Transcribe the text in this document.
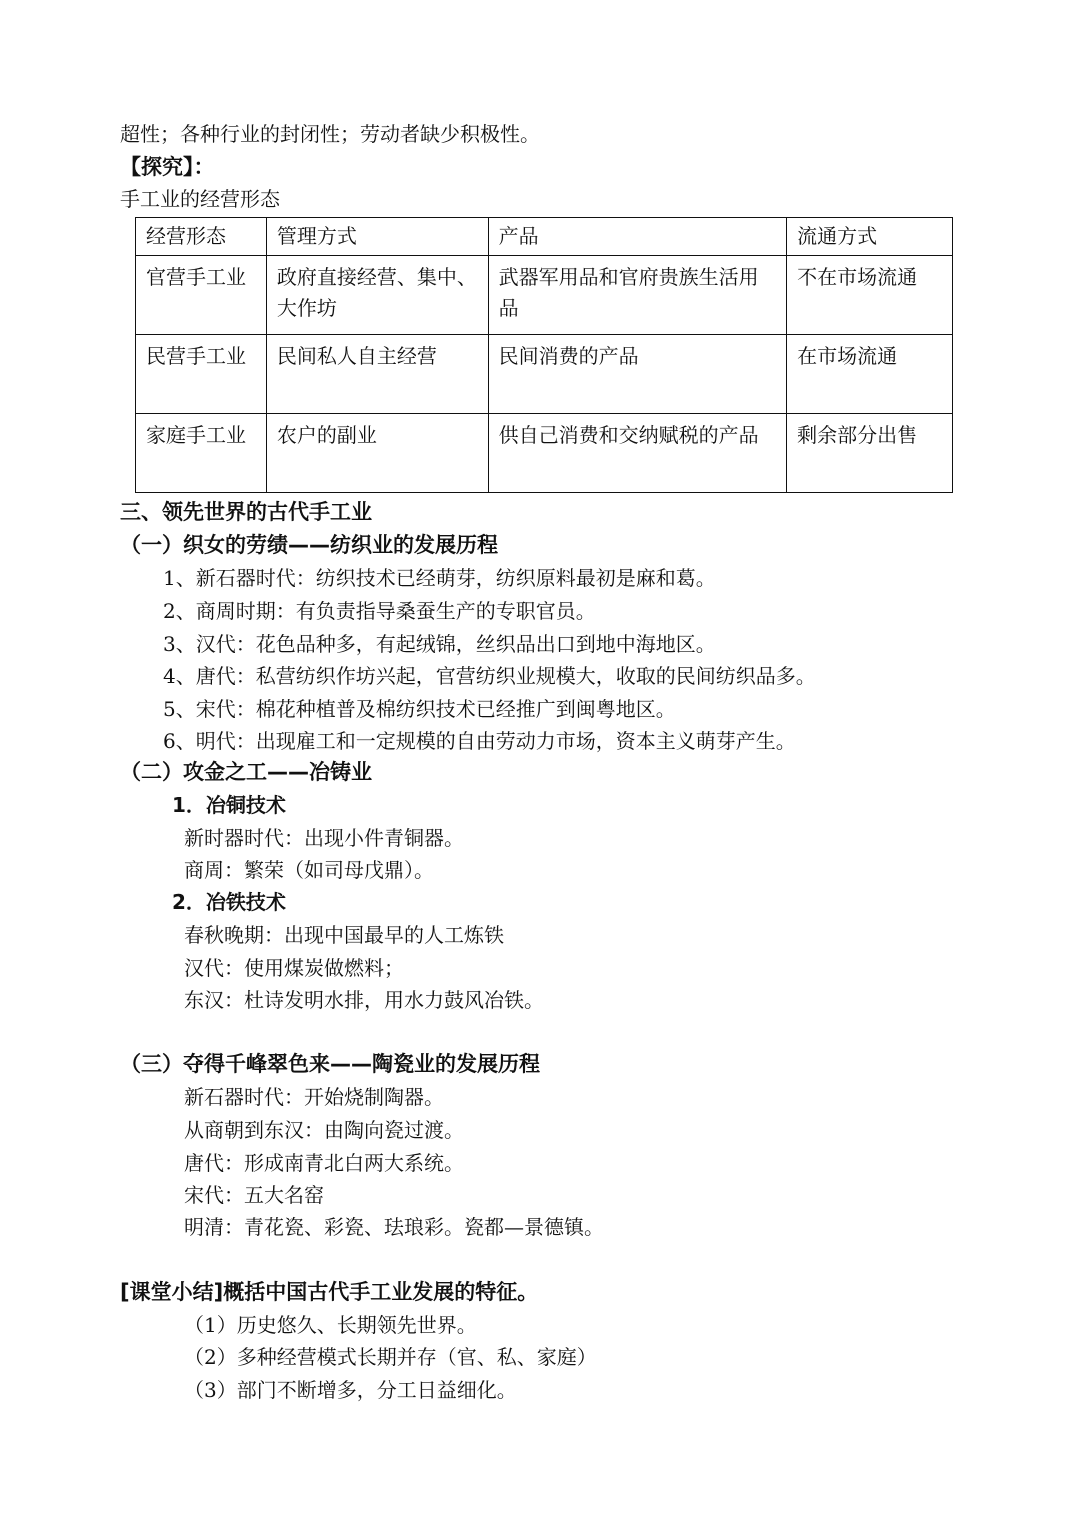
超性；各种行业的封闭性；劳动者缺少积极性。
【探究】：
手工业的经营形态
经营形态	管理方式	产品	流通方式
官营手工业	政府直接经营、集中、大作坊	武器军用品和官府贵族生活用品	不在市场流通
民营手工业	民间私人自主经营	民间消费的产品	在市场流通
家庭手工业	农户的副业	供自己消费和交纳赋税的产品	剩余部分出售
三、领先世界的古代手工业
（一）织女的劳绩——纺织业的发展历程
1、新石器时代：纺织技术已经萌芽，纺织原料最初是麻和葛。
2、商周时期：有负责指导桑蚕生产的专职官员。
3、汉代：花色品种多，有起绒锦，丝织品出口到地中海地区。
4、唐代：私营纺织作坊兴起，官营纺织业规模大，收取的民间纺织品多。
5、宋代：棉花种植普及棉纺织技术已经推广到闽粤地区。
6、明代：出现雇工和一定规模的自由劳动力市场，资本主义萌芽产生。
（二）攻金之工——冶铸业
1．冶铜技术
新时器时代：出现小件青铜器。
商周：繁荣（如司母戊鼎）。
2．冶铁技术
春秋晚期：出现中国最早的人工炼铁
汉代：使用煤炭做燃料；
东汉：杜诗发明水排，用水力鼓风冶铁。
（三）夺得千峰翠色来——陶瓷业的发展历程
新石器时代：开始烧制陶器。
从商朝到东汉：由陶向瓷过渡。
唐代：形成南青北白两大系统。
宋代：五大名窑
明清：青花瓷、彩瓷、珐琅彩。瓷都—景德镇。
[课堂小结]概括中国古代手工业发展的特征。
（1）历史悠久、长期领先世界。
（2）多种经营模式长期并存（官、私、家庭）
（3）部门不断增多，分工日益细化。
